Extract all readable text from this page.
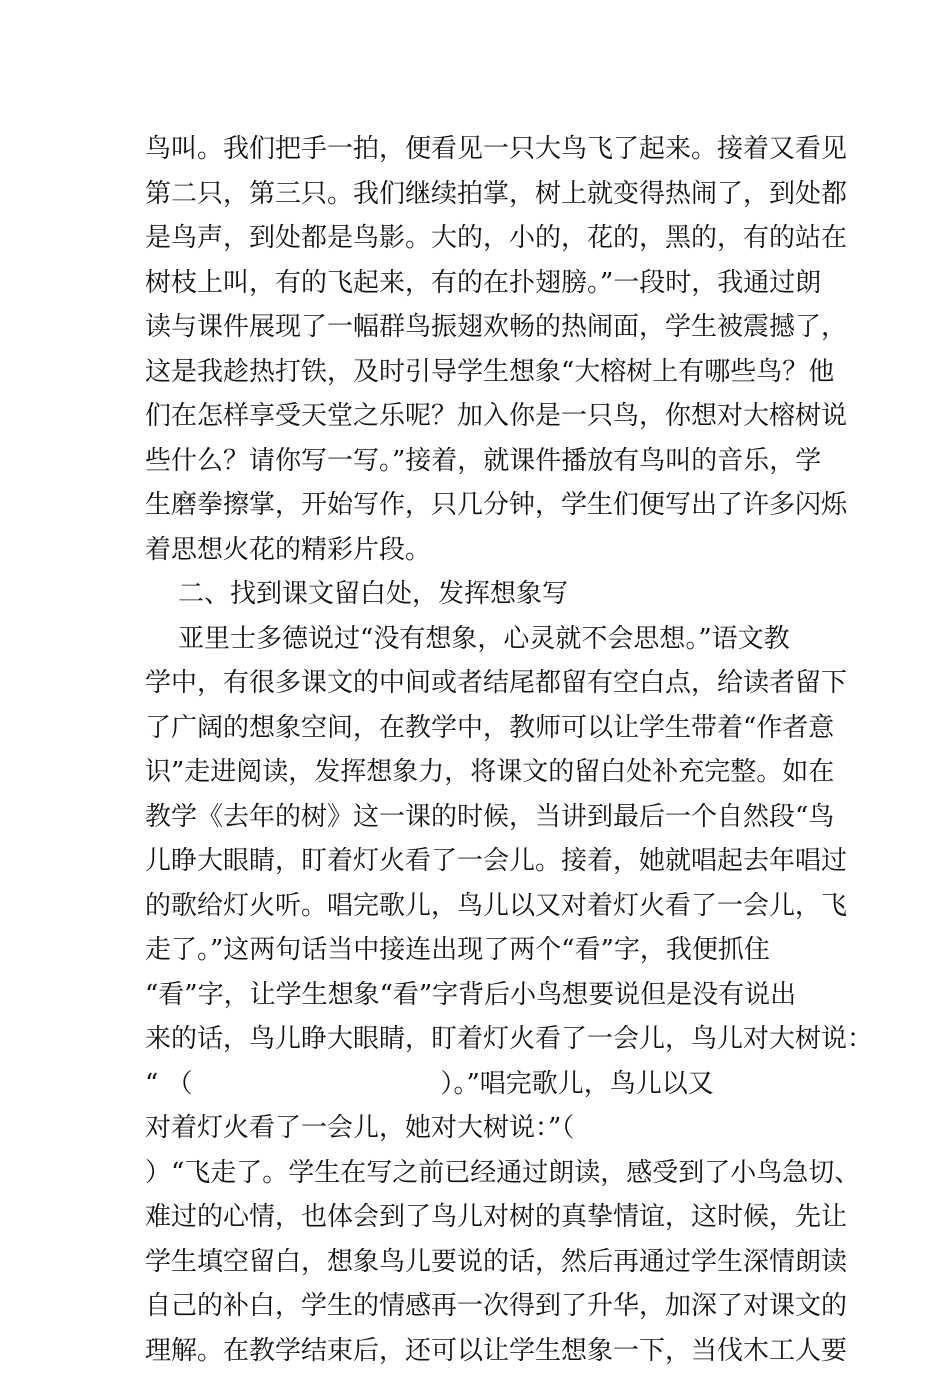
鸟叫。我们把手一拍，便看见一只大鸟飞了起来。接着又看见
第二只，第三只。我们继续拍掌，树上就变得热闹了，到处都
是鸟声，到处都是鸟影。大的，小的，花的，黑的，有的站在
树枝上叫，有的飞起来，有的在扑翅膀。”一段时，我通过朗
读与课件展现了一幅群鸟振翅欢畅的热闹面，学生被震撼了，
这是我趁热打铁，及时引导学生想象“大榕树上有哪些鸟？他
们在怎样享受天堂之乐呢？加入你是一只鸟，你想对大榕树说
些什么？请你写一写。”接着，就课件播放有鸟叫的音乐，学
生磨拳擦掌，开始写作，只几分钟，学生们便写出了许多闪烁
着思想火花的精彩片段。
二、找到课文留白处，发挥想象写
亚里士多德说过“没有想象，心灵就不会思想。”语文教
学中，有很多课文的中间或者结尾都留有空白点，给读者留下
了广阔的想象空间，在教学中，教师可以让学生带着“作者意
识”走进阅读，发挥想象力，将课文的留白处补充完整。如在
教学《去年的树》这一课的时候，当讲到最后一个自然段“鸟
儿睁大眼睛，盯着灯火看了一会儿。接着，她就唱起去年唱过
的歌给灯火听。唱完歌儿，鸟儿以又对着灯火看了一会儿，飞
走了。”这两句话当中接连出现了两个“看”字，我便抓住
“看”字，让学生想象“看”字背后小鸟想要说但是没有说出
来的话，鸟儿睁大眼睛，盯着灯火看了一会儿，鸟儿对大树说：
“ （                              ）。”唱完歌儿，鸟儿以又
对着灯火看了一会儿，她对大树说：”（
）“飞走了。学生在写之前已经通过朗读，感受到了小鸟急切、
难过的心情，也体会到了鸟儿对树的真挚情谊，这时候，先让
学生填空留白，想象鸟儿要说的话，然后再通过学生深情朗读
自己的补白，学生的情感再一次得到了升华，加深了对课文的
理解。在教学结束后，还可以让学生想象一下，当伐木工人要
